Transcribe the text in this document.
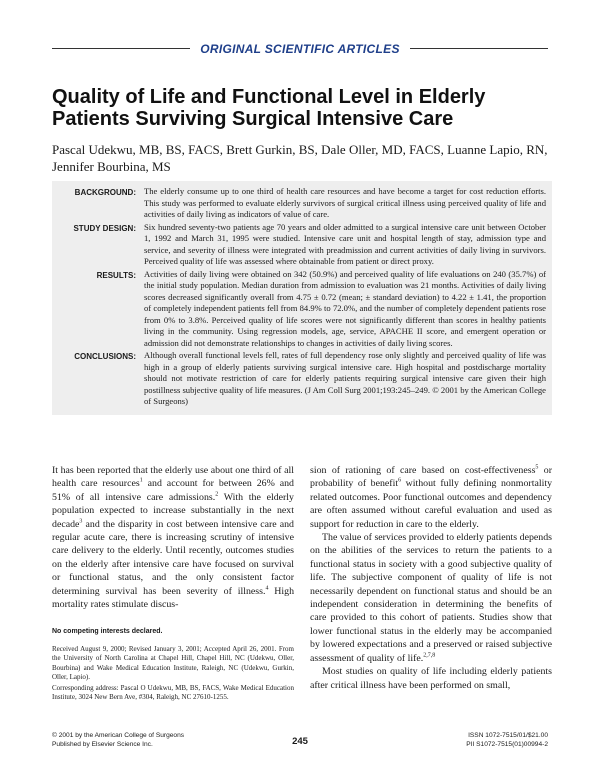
ORIGINAL SCIENTIFIC ARTICLES
Quality of Life and Functional Level in Elderly Patients Surviving Surgical Intensive Care
Pascal Udekwu, MB, BS, FACS, Brett Gurkin, BS, Dale Oller, MD, FACS, Luanne Lapio, RN,
Jennifer Bourbina, MS
BACKGROUND: The elderly consume up to one third of health care resources and have become a target for cost reduction efforts. This study was performed to evaluate elderly survivors of surgical critical illness using perceived quality of life and activities of daily living as indicators of value of care.
STUDY DESIGN: Six hundred seventy-two patients age 70 years and older admitted to a surgical intensive care unit between October 1, 1992 and March 31, 1995 were studied. Intensive care unit and hospital length of stay, admission type and service, and severity of illness were integrated with preadmission and current activities of daily living in survivors. Perceived quality of life was assessed where obtainable from patient or direct proxy.
RESULTS: Activities of daily living were obtained on 342 (50.9%) and perceived quality of life evaluations on 240 (35.7%) of the initial study population. Median duration from admission to evaluation was 21 months. Activities of daily living scores decreased significantly overall from 4.75 ± 0.72 (mean; ± standard deviation) to 4.22 ± 1.41, the proportion of completely independent patients fell from 84.9% to 72.0%, and the number of completely dependent patients rose from 0% to 3.8%. Perceived quality of life scores were not significantly different than scores in healthy patients living in the community. Using regression models, age, service, APACHE II score, and emergent operation or admission did not demonstrate relationships to changes in activities of daily living scores.
CONCLUSIONS: Although overall functional levels fell, rates of full dependency rose only slightly and perceived quality of life was high in a group of elderly patients surviving surgical intensive care. High hospital and postdischarge mortality should not motivate restriction of care for elderly patients requiring surgical intensive care given their high postillness subjective quality of life measures. (J Am Coll Surg 2001;193:245–249. © 2001 by the American College of Surgeons)

It has been reported that the elderly use about one third of all health care resources$^1$ and account for between 26% and 51% of all intensive care admissions.$^2$ With the elderly population expected to increase substantially in the next decade$^3$ and the disparity in cost between intensive care and regular acute care, there is increasing scrutiny of intensive care delivery to the elderly. Until recently, outcomes studies on the elderly after intensive care have focused on survival or functional status, and the only consistent factor determining survival has been severity of illness.$^4$ High mortality rates stimulate discus-

No competing interests declared.

Received August 9, 2000; Revised January 3, 2001; Accepted April 26, 2001. From the University of North Carolina at Chapel Hill, Chapel Hill, NC (Udekwu, Oller, Bourbina) and Wake Medical Education Institute, Raleigh, NC (Udekwu, Gurkin, Oller, Lapio).

Corresponding address: Pascal O Udekwu, MB, BS, FACS, Wake Medical Education Institute, 3024 New Bern Ave, #304, Raleigh, NC 27610-1255.

sion of rationing of care based on cost-effectiveness$^5$ or probability of benefit$^6$ without fully defining nonmortality related outcomes. Poor functional outcomes and dependency are often assumed without careful evaluation and used as support for reduction in care to the elderly.

The value of services provided to elderly patients depends on the abilities of the services to return the patients to a functional status in society with a good subjective quality of life. The subjective component of quality of life is not necessarily dependent on functional status and should be an independent consideration in determining the benefits of care provided to this cohort of patients. Studies show that lower functional status in the elderly may be accompanied by lowered expectations and a preserved or raised subjective assessment of quality of life.$^{2,7,8}$

Most studies on quality of life including elderly patients after critical illness have been performed on small,

© 2001 by the American College of Surgeons
Published by Elsevier Science Inc.	245
ISSN 1072-7515/01/$21.00
PII S1072-7515(01)00994-2
